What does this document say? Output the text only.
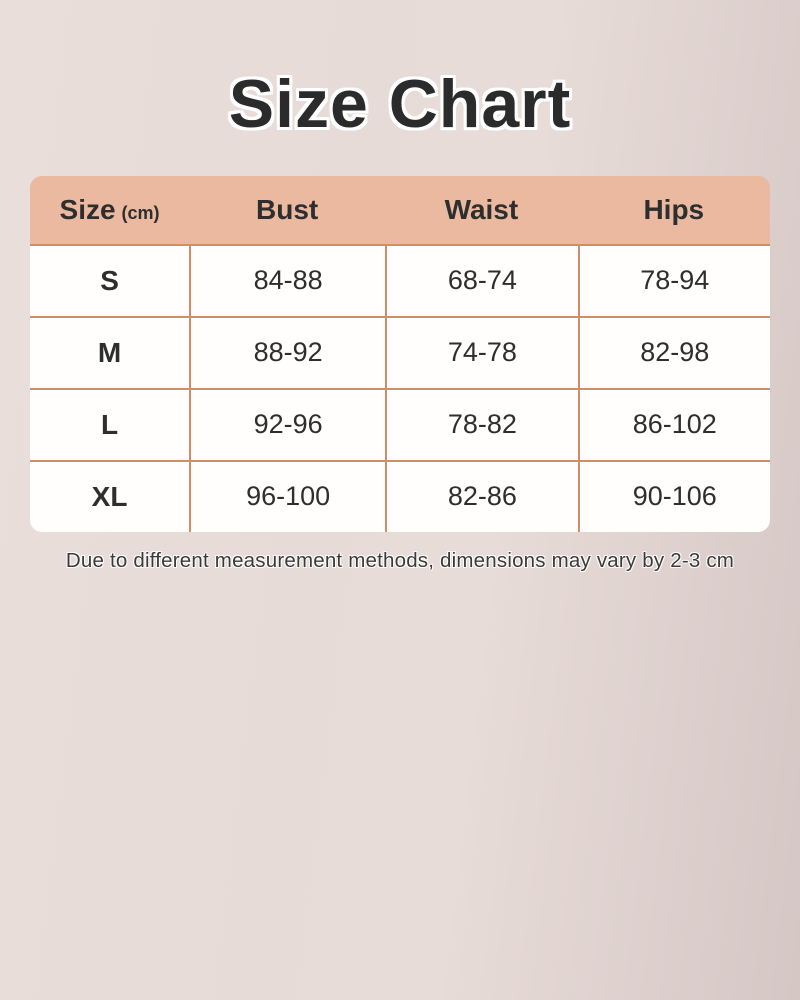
Size Chart
Size (cm)	Bust	Waist	Hips
S	84-88	68-74	78-94
M	88-92	74-78	82-98
L	92-96	78-82	86-102
XL	96-100	82-86	90-106
Due to different measurement methods, dimensions may vary by 2-3 cm
